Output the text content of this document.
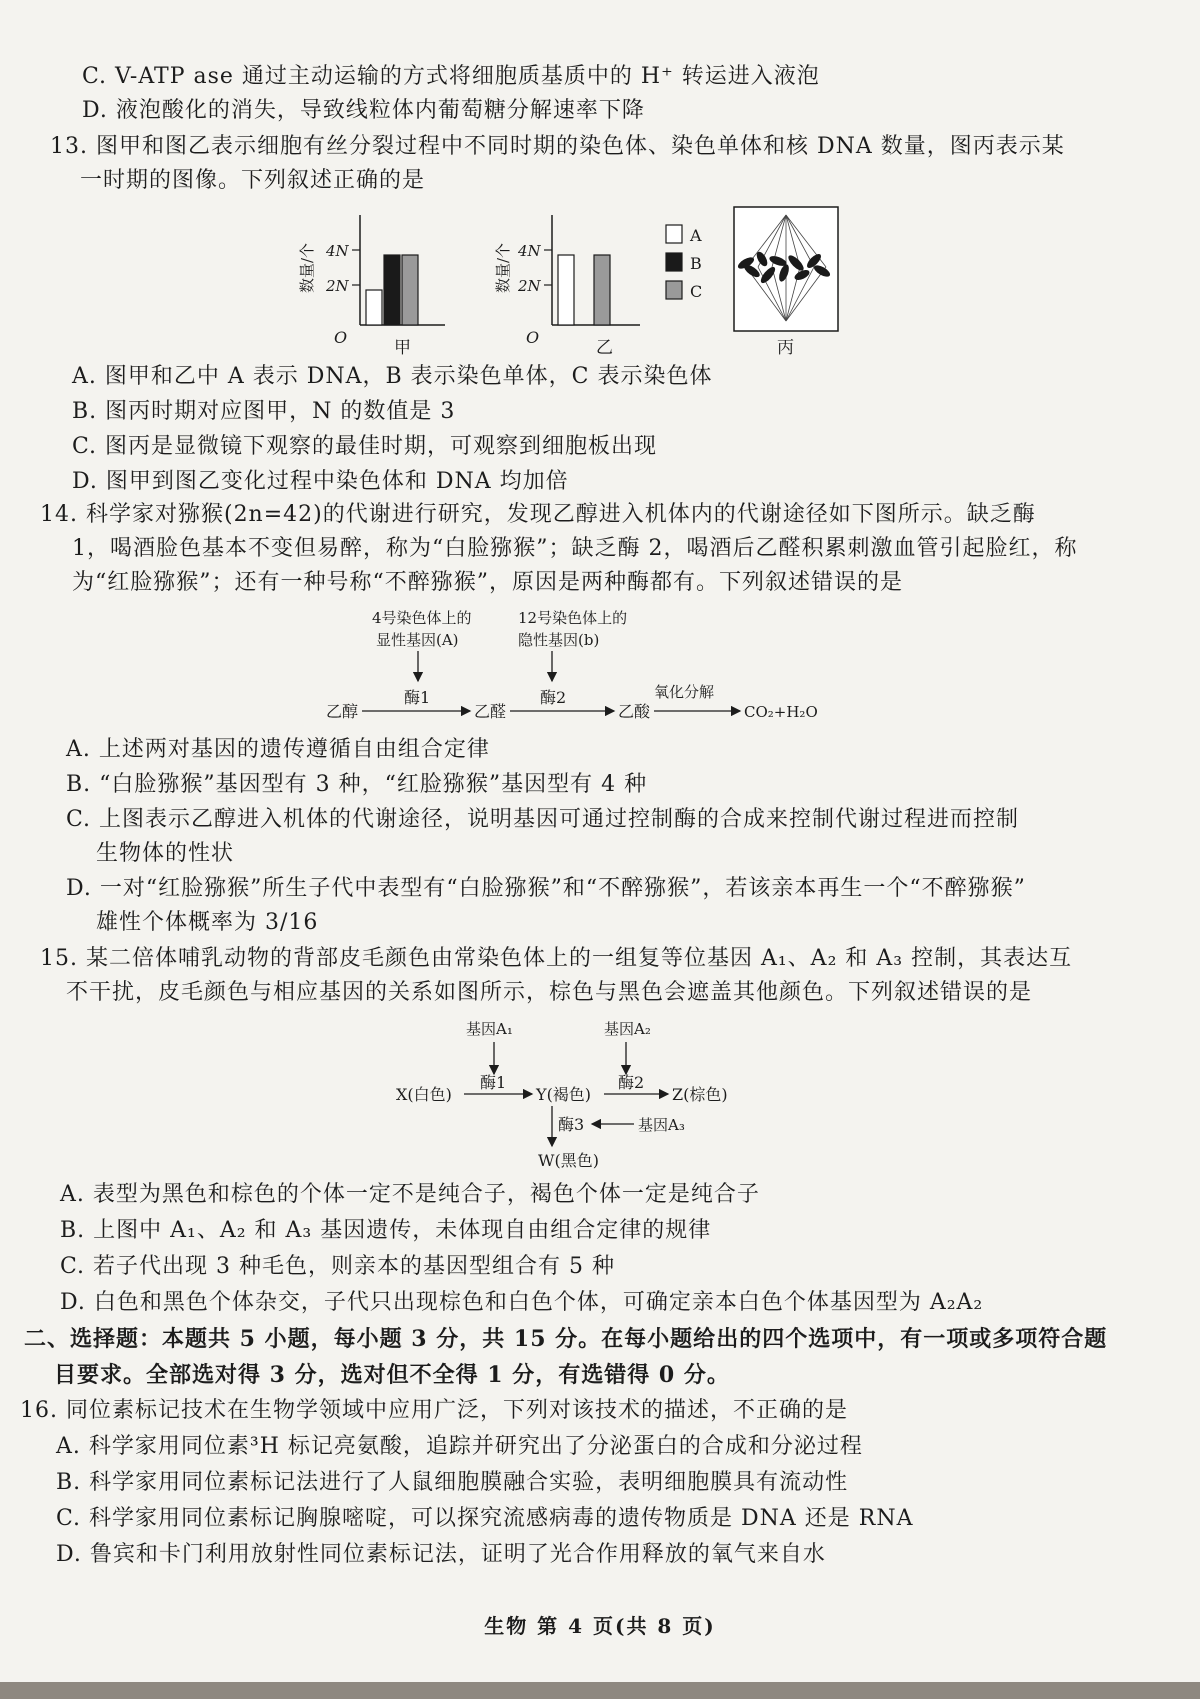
C. V-ATP ase 通过主动运输的方式将细胞质基质中的 H⁺ 转运进入液泡
D. 液泡酸化的消失，导致线粒体内葡萄糖分解速率下降
13. 图甲和图乙表示细胞有丝分裂过程中不同时期的染色体、染色单体和核 DNA 数量，图丙表示某
一时期的图像。下列叙述正确的是
数量/个 4N
2N
O
甲
数量/个 4N
2N
O
乙
A
B
C
丙
A. 图甲和乙中 A 表示 DNA，B 表示染色单体，C 表示染色体
B. 图丙时期对应图甲，N 的数值是 3
C. 图丙是显微镜下观察的最佳时期，可观察到细胞板出现
D. 图甲到图乙变化过程中染色体和 DNA 均加倍
14. 科学家对猕猴(2n=42)的代谢进行研究，发现乙醇进入机体内的代谢途径如下图所示。缺乏酶
1，喝酒脸色基本不变但易醉，称为“白脸猕猴”；缺乏酶 2，喝酒后乙醛积累刺激血管引起脸红，称
为“红脸猕猴”；还有一种号称“不醉猕猴”，原因是两种酶都有。下列叙述错误的是
4号染色体上的
显性基因(A)
12号染色体上的
隐性基因(b)
乙醇
酶1
乙醛
酶2
乙酸
氧化分解
CO₂+H₂O
A. 上述两对基因的遗传遵循自由组合定律
B. “白脸猕猴”基因型有 3 种，“红脸猕猴”基因型有 4 种
C. 上图表示乙醇进入机体的代谢途径，说明基因可通过控制酶的合成来控制代谢过程进而控制
生物体的性状
D. 一对“红脸猕猴”所生子代中表型有“白脸猕猴”和“不醉猕猴”，若该亲本再生一个“不醉猕猴”
雄性个体概率为 3/16
15. 某二倍体哺乳动物的背部皮毛颜色由常染色体上的一组复等位基因 A₁、A₂ 和 A₃ 控制，其表达互
不干扰，皮毛颜色与相应基因的关系如图所示，棕色与黑色会遮盖其他颜色。下列叙述错误的是
基因A₁	基因A₂
X(白色)
酶1
Y(褐色)
酶2
Z(棕色)
酶3	基因A₃
W(黑色)
A. 表型为黑色和棕色的个体一定不是纯合子，褐色个体一定是纯合子
B. 上图中 A₁、A₂ 和 A₃ 基因遗传，未体现自由组合定律的规律
C. 若子代出现 3 种毛色，则亲本的基因型组合有 5 种
D. 白色和黑色个体杂交，子代只出现棕色和白色个体，可确定亲本白色个体基因型为 A₂A₂
二、选择题：本题共 5 小题，每小题 3 分，共 15 分。在每小题给出的四个选项中，有一项或多项符合题
目要求。全部选对得 3 分，选对但不全得 1 分，有选错得 0 分。
16. 同位素标记技术在生物学领域中应用广泛，下列对该技术的描述，不正确的是
A. 科学家用同位素³H 标记亮氨酸，追踪并研究出了分泌蛋白的合成和分泌过程
B. 科学家用同位素标记法进行了人鼠细胞膜融合实验，表明细胞膜具有流动性
C. 科学家用同位素标记胸腺嘧啶，可以探究流感病毒的遗传物质是 DNA 还是 RNA
D. 鲁宾和卡门利用放射性同位素标记法，证明了光合作用释放的氧气来自水
生物 第 4 页(共 8 页)
